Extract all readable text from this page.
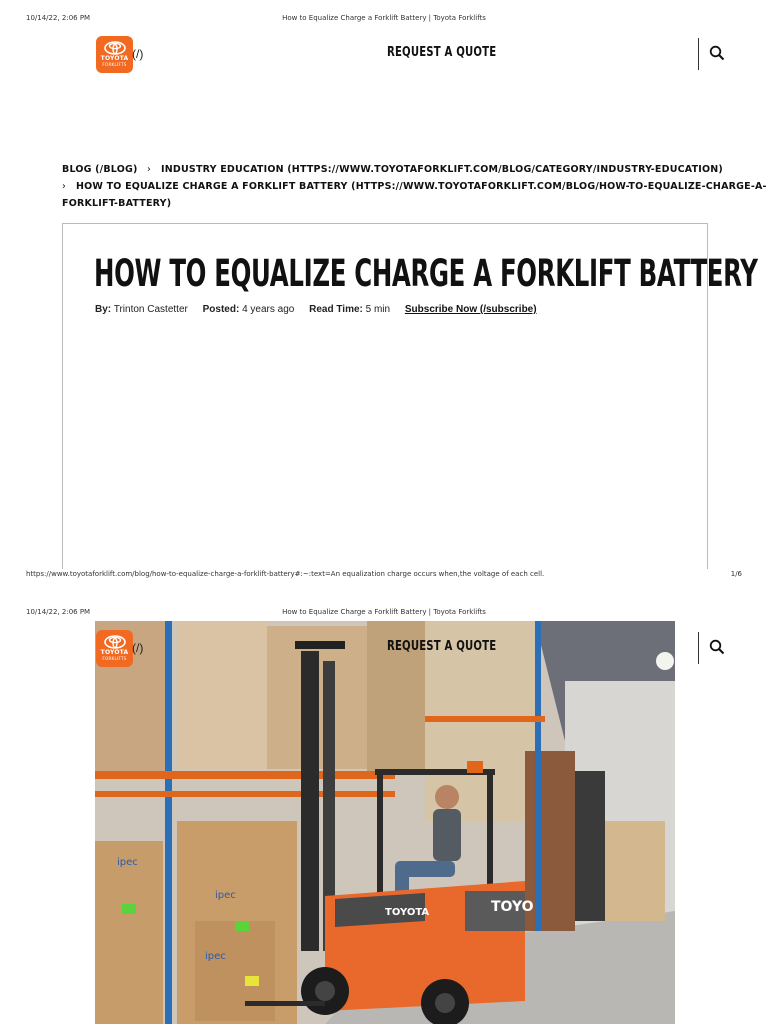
10/14/22, 2:06 PM	How to Equalize Charge a Forklift Battery | Toyota Forklifts
TOYOTA
FORKLIFTS
(/)	REQUEST A QUOTE
BLOG (/BLOG) › INDUSTRY EDUCATION (HTTPS://WWW.TOYOTAFORKLIFT.COM/BLOG/CATEGORY/INDUSTRY-EDUCATION)
› HOW TO EQUALIZE CHARGE A FORKLIFT BATTERY (HTTPS://WWW.TOYOTAFORKLIFT.COM/BLOG/HOW-TO-EQUALIZE-CHARGE-A-
FORKLIFT-BATTERY)
HOW TO EQUALIZE CHARGE A FORKLIFT BATTERY
By: Trinton Castetter Posted: 4 years ago Read Time: 5 min Subscribe Now (/subscribe)
https://www.toyotaforklift.com/blog/how-to-equalize-charge-a-forklift-battery#:~:text=An equalization charge occurs when,the voltage of each cell.	1/6
10/14/22, 2:06 PM	How to Equalize Charge a Forklift Battery | Toyota Forklifts
ipec
ipec
ipec
TOYOTA	TOYO
TOYOTA
FORKLIFTS
(/)	REQUEST A QUOTE
